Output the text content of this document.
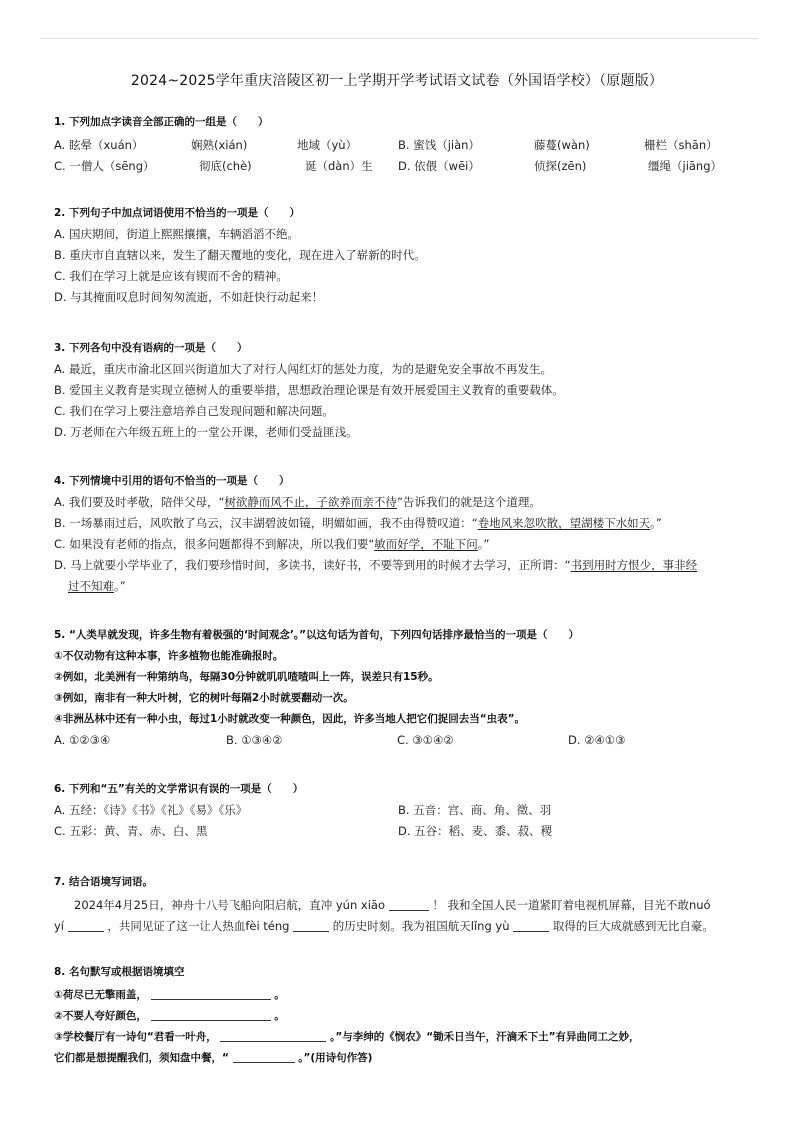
2024~2025学年重庆涪陵区初一上学期开学考试语文试卷（外国语学校）（原题版）
1. 下列加点字读音全部正确的一组是（　　）
A. 眩晕（xuán）	娴熟(xián)	地域（yù）	B. 蜜饯（jiàn）	藤蔓(wàn)	栅栏（shān）
C. 一僧人（sēng）	彻底(chè)	诞（dàn）生 D. 依偎（wēi）	侦探(zēn)	缰绳（jiāng）
2. 下列句子中加点词语使用不恰当的一项是（　　）
A. 国庆期间，街道上熙熙攘攘，车辆滔滔不绝。
B. 重庆市自直辖以来，发生了翻天覆地的变化，现在进入了崭新的时代。
C. 我们在学习上就是应该有锲而不舍的精神。
D. 与其掩面叹息时间匆匆流逝，不如赶快行动起来！
3. 下列各句中没有语病的一项是（　　）
A. 最近，重庆市渝北区回兴街道加大了对行人闯红灯的惩处力度，为的是避免安全事故不再发生。
B. 爱国主义教育是实现立德树人的重要举措，思想政治理论课是有效开展爱国主义教育的重要载体。
C. 我们在学习上要注意培养自己发现问题和解决问题。
D. 万老师在六年级五班上的一堂公开课，老师们受益匪浅。
4. 下列情境中引用的语句不恰当的一项是（　　）
A. 我们要及时孝敬，陪伴父母，“树欲静而风不止，子欲养而亲不待”告诉我们的就是这个道理。
B. 一场暴雨过后，风吹散了乌云，汉丰湖碧波如镜，明媚如画，我不由得赞叹道：“卷地风来忽吹散，望湖楼下水如天。”
C. 如果没有老师的指点，很多问题都得不到解决，所以我们要“敏而好学，不耻下问。”
D. 马上就要小学毕业了，我们要珍惜时间，多读书，读好书，不要等到用的时候才去学习，正所谓：“书到用时方恨少，事非经
过不知难。”
5. “人类早就发现，许多生物有着极强的‘时间观念’。”以这句话为首句，下列四句话排序最恰当的一项是（　　）
①不仅动物有这种本事，许多植物也能准确报时。
②例如，北美洲有一种第纳鸟，每隔30分钟就叽叽喳喳叫上一阵，误差只有15秒。
③例如，南非有一种大叶树，它的树叶每隔2小时就要翻动一次。
④非洲丛林中还有一种小虫，每过1小时就改变一种颜色，因此，许多当地人把它们捉回去当“虫表”。
A. ①②③④	B. ①③④②	C. ③①④②	D. ②④①③
6. 下列和“五”有关的文学常识有误的一项是（　　）
A. 五经：《诗》《书》《礼》《易》《乐》	B. 五音：宫、商、角、徵、羽
C. 五彩：黄、青、赤、白、黑	D. 五谷：稻、麦、黍、菽、稷
7. 结合语境写词语。
2024年4月25日，神舟十八号飞船向阳启航，直冲 yún xiāo	！ 我和全国人民一道紧盯着电视机屏幕，目光不敢nuó
yí	，共同见证了这一让人热血fèi téng	的历史时刻。我为祖国航天lǐng yù	取得的巨大成就感到无比自豪。
8. 名句默写或根据语境填空
①荷尽已无擎雨盖，	。
②不要人夸好颜色，	。
③学校餐厅有一诗句“君看一叶舟，	。”与李绅的《悯农》“锄禾日当午，汗滴禾下土”有异曲同工之妙，
它们都是想提醒我们，须知盘中餐，“	。”(用诗句作答)
